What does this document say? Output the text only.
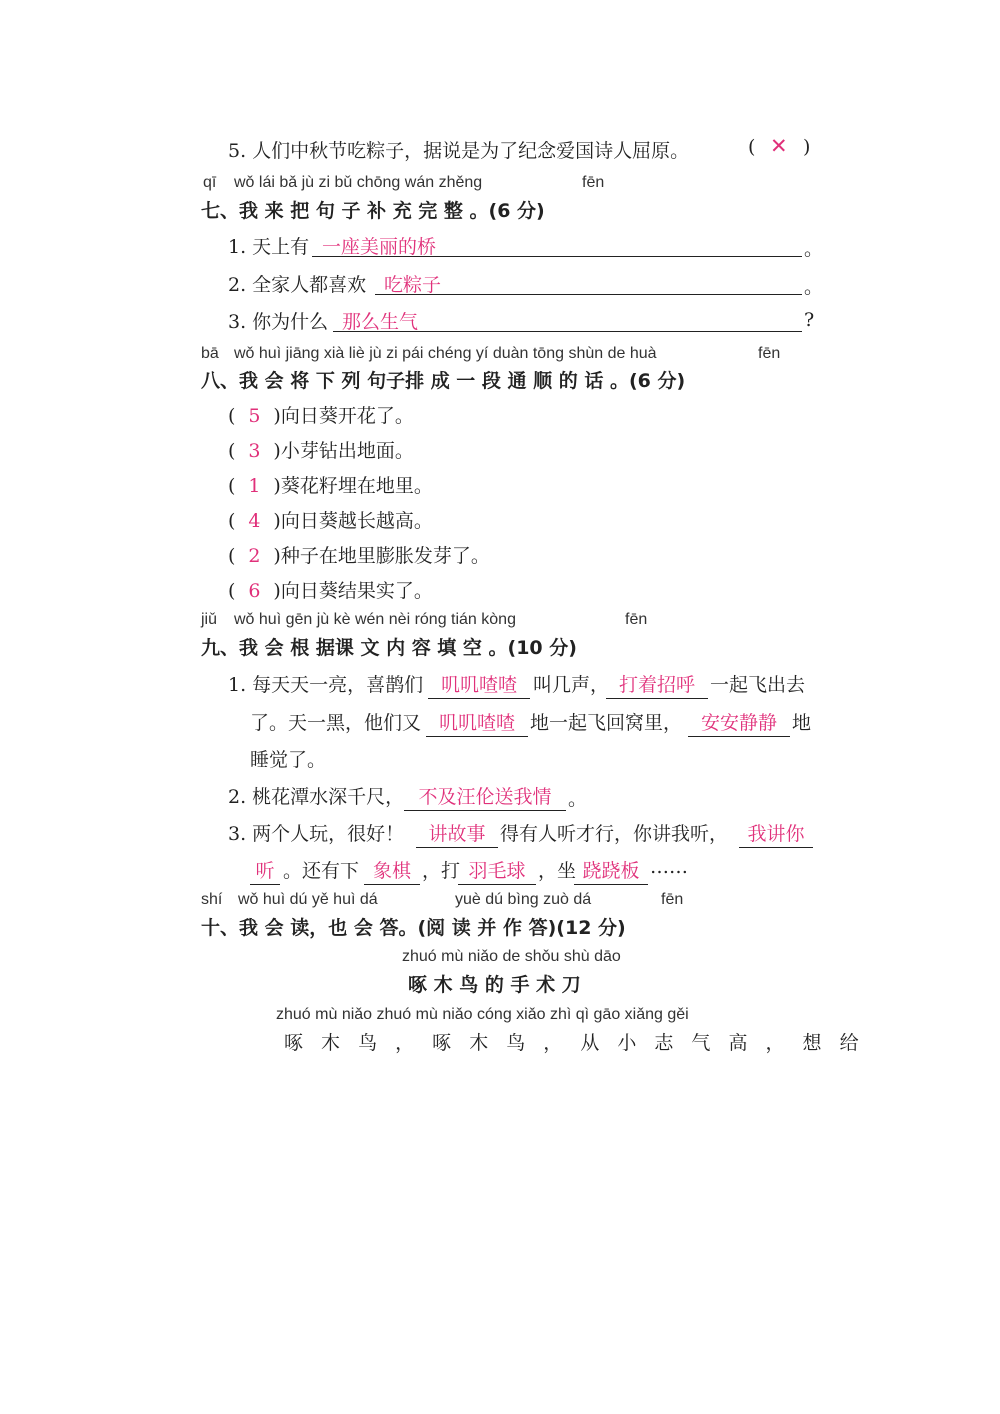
5. 人们中秋节吃粽子，据说是为了纪念爱国诗人屈原。	( ✕ )
qī wǒ lái bǎ jù zi bǔ chōng wán zhěng	fēn
七、我 来 把 句 子 补 充 完 整 。(6 分)
1. 天上有 一座美丽的桥	。
2. 全家人都喜欢 吃粽子	。
3. 你为什么 那么生气	?
bā wǒ huì jiāng xià liè jù zi pái chéng yí duàn tōng shùn de huà	fēn
八、我 会 将 下 列 句子排 成 一 段 通 顺 的 话 。(6 分)
( 5 )向日葵开花了。
( 3 )小芽钻出地面。
( 1 )葵花籽埋在地里。
( 4 )向日葵越长越高。
( 2 )种子在地里膨胀发芽了。
( 6 )向日葵结果实了。
jiǔ wǒ huì gēn jù kè wén nèi róng tián kòng	fēn
九、我 会 根 据课 文 内 容 填 空 。(10 分)
1. 每天天一亮，喜鹊们 叽叽喳喳 叫几声， 打着招呼 一起飞出去
了。天一黑，他们又 叽叽喳喳 地一起飞回窝里， 安安静静 地
睡觉了。
2. 桃花潭水深千尺， 不及汪伦送我情 。
3. 两个人玩，很好！	讲故事 得有人听才行，你讲我听，	我讲你
听 。还有下 象棋 ，打 羽毛球 ，坐 跷跷板 ……
shí wǒ huì dú yě huì dá	yuè dú bìng zuò dá	fēn
十、我 会 读，也 会 答。(阅 读 并 作 答)(12 分)
zhuó mù niǎo de shǒu shù dāo
啄 木 鸟 的 手 术 刀
zhuó mù niǎo zhuó mù niǎo cóng xiǎo zhì qì gāo xiǎng gěi
啄 木 鸟 ， 啄 木 鸟 ， 从 小 志 气 高 ， 想 给
